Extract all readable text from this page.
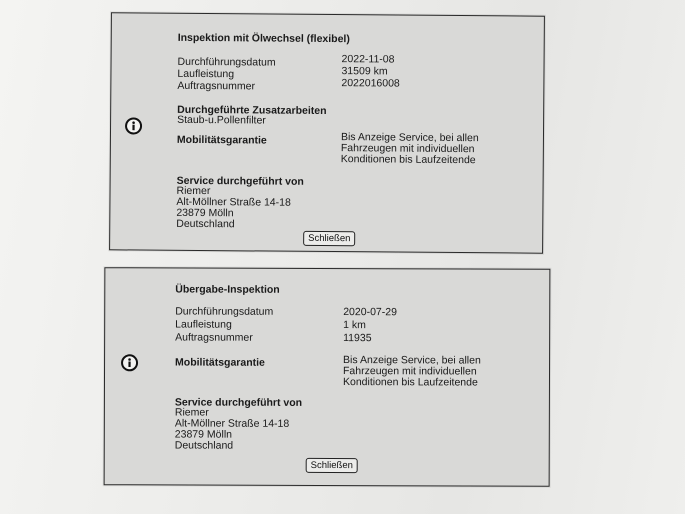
Inspektion mit Ölwechsel (flexibel)
Durchführungsdatum	2022-11-08
Laufleistung	31509 km
Auftragsnummer	2022016008
Durchgeführte Zusatzarbeiten
Staub-u.Pollenfilter
Mobilitätsgarantie	Bis Anzeige Service, bei allen
Fahrzeugen mit individuellen
Konditionen bis Laufzeitende
Service durchgeführt von
Riemer
Alt-Möllner Straße 14-18
23879 Mölln
Deutschland
Schließen
Übergabe-Inspektion
Durchführungsdatum	2020-07-29
Laufleistung	1 km
Auftragsnummer	11935
Mobilitätsgarantie	Bis Anzeige Service, bei allen
Fahrzeugen mit individuellen
Konditionen bis Laufzeitende
Service durchgeführt von
Riemer
Alt-Möllner Straße 14-18
23879 Mölln
Deutschland
Schließen
